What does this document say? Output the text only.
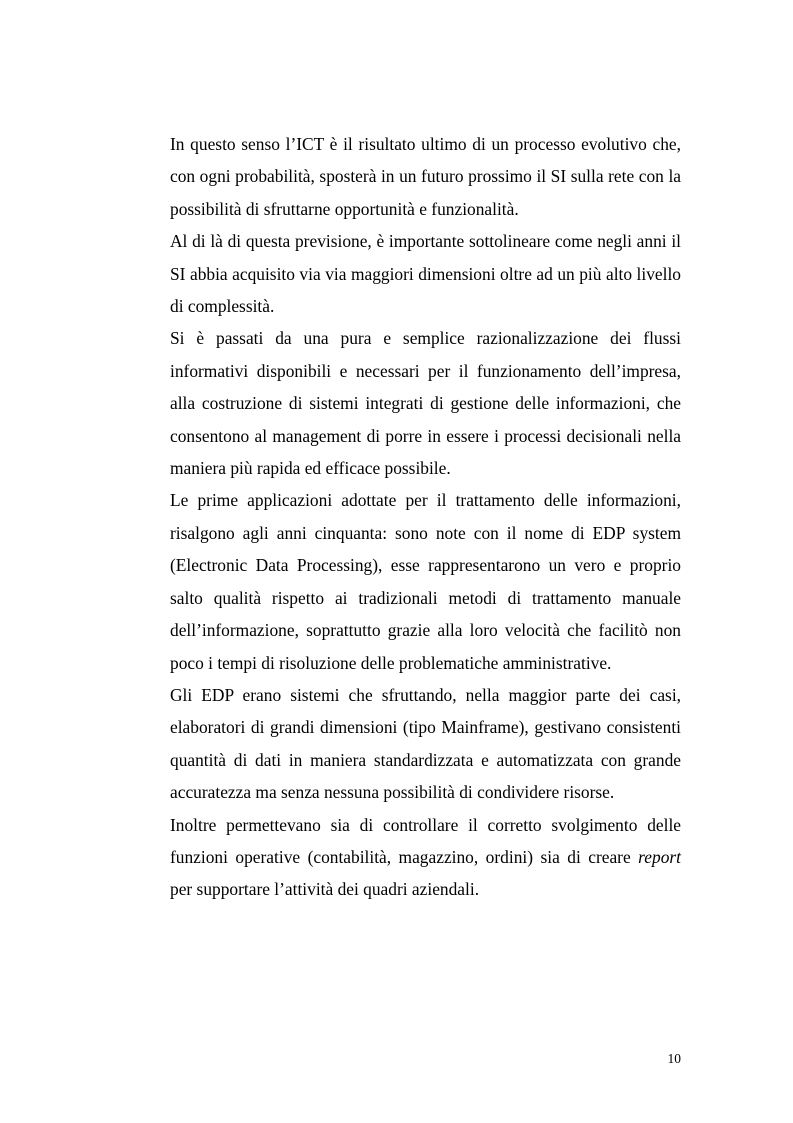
In questo senso l’ICT è il risultato ultimo di un processo evolutivo che, con ogni probabilità, sposterà in un futuro prossimo il SI sulla rete con la possibilità di sfruttarne opportunità e funzionalità.

Al di là di questa previsione, è importante sottolineare come negli anni il SI abbia acquisito via via maggiori dimensioni oltre ad un più alto livello di complessità.

Si è passati da una pura e semplice razionalizzazione dei flussi informativi disponibili e necessari per il funzionamento dell’impresa, alla costruzione di sistemi integrati di gestione delle informazioni, che consentono al management di porre in essere i processi decisionali nella maniera più rapida ed efficace possibile.

Le prime applicazioni adottate per il trattamento delle informazioni, risalgono agli anni cinquanta: sono note con il nome di EDP system (Electronic Data Processing), esse rappresentarono un vero e proprio salto qualità rispetto ai tradizionali metodi di trattamento manuale dell’informazione, soprattutto grazie alla loro velocità che facilitò non poco i tempi di risoluzione delle problematiche amministrative.

Gli EDP erano sistemi che sfruttando, nella maggior parte dei casi, elaboratori di grandi dimensioni (tipo Mainframe), gestivano consistenti quantità di dati in maniera standardizzata e automatizzata con grande accuratezza ma senza nessuna possibilità di condividere risorse.

Inoltre permettevano sia di controllare il corretto svolgimento delle funzioni operative (contabilità, magazzino, ordini) sia di creare report per supportare l’attività dei quadri aziendali.

10
